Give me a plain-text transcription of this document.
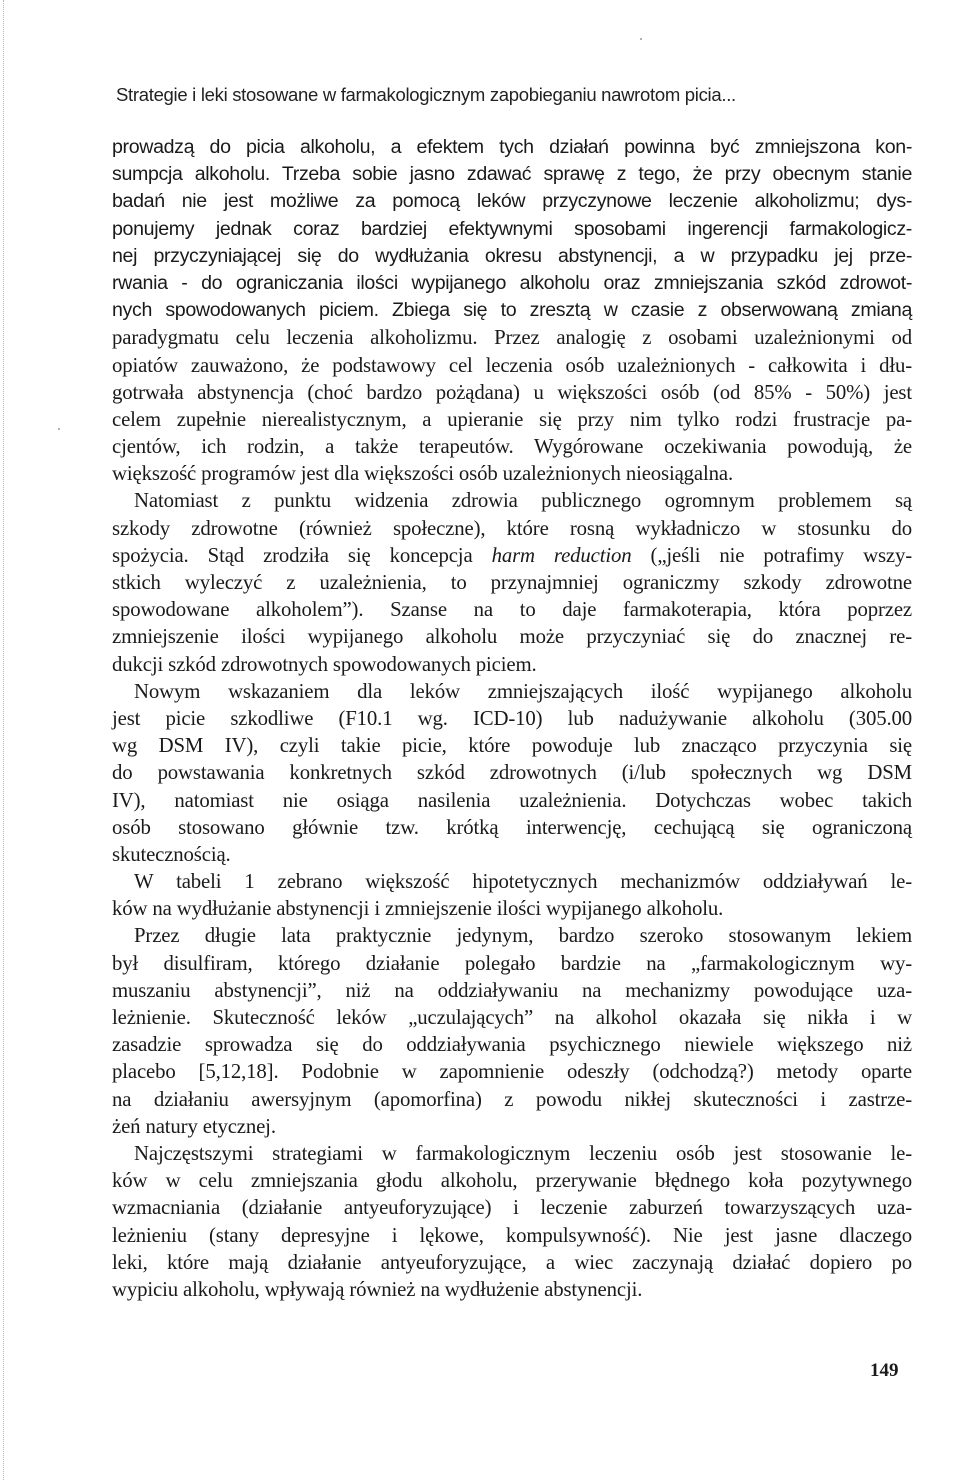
Strategie i leki stosowane w farmakologicznym zapobieganiu nawrotom picia...
prowadzą do picia alkoholu, a efektem tych działań powinna być zmniejszona kon-
sumpcja alkoholu. Trzeba sobie jasno zdawać sprawę z tego, że przy obecnym stanie
badań nie jest możliwe za pomocą leków przyczynowe leczenie alkoholizmu; dys-
ponujemy jednak coraz bardziej efektywnymi sposobami ingerencji farmakologicz-
nej przyczyniającej się do wydłużania okresu abstynencji, a w przypadku jej prze-
rwania - do ograniczania ilości wypijanego alkoholu oraz zmniejszania szkód zdrowot-
nych spowodowanych piciem. Zbiega się to zresztą w czasie z obserwowaną zmianą
paradygmatu celu leczenia alkoholizmu. Przez analogię z osobami uzależnionymi od
opiatów zauważono, że podstawowy cel leczenia osób uzależnionych - całkowita i dłu-
gotrwała abstynencja (choć bardzo pożądana) u większości osób (od 85% - 50%) jest
celem zupełnie nierealistycznym, a upieranie się przy nim tylko rodzi frustracje pa-
cjentów, ich rodzin, a także terapeutów. Wygórowane oczekiwania powodują, że
większość programów jest dla większości osób uzależnionych nieosiągalna.
Natomiast z punktu widzenia zdrowia publicznego ogromnym problemem są
szkody zdrowotne (również społeczne), które rosną wykładniczo w stosunku do
spożycia. Stąd zrodziła się koncepcja harm reduction („jeśli nie potrafimy wszy-
stkich wyleczyć z uzależnienia, to przynajmniej ograniczmy szkody zdrowotne
spowodowane alkoholem”). Szanse na to daje farmakoterapia, która poprzez
zmniejszenie ilości wypijanego alkoholu może przyczyniać się do znacznej re-
dukcji szkód zdrowotnych spowodowanych piciem.
Nowym wskazaniem dla leków zmniejszających ilość wypijanego alkoholu
jest picie szkodliwe (F10.1 wg. ICD-10) lub nadużywanie alkoholu (305.00
wg DSM IV), czyli takie picie, które powoduje lub znacząco przyczynia się
do powstawania konkretnych szkód zdrowotnych (i/lub społecznych wg DSM
IV), natomiast nie osiąga nasilenia uzależnienia. Dotychczas wobec takich
osób stosowano głównie tzw. krótką interwencję, cechującą się ograniczoną
skutecznością.
W tabeli 1 zebrano większość hipotetycznych mechanizmów oddziaływań le-
ków na wydłużanie abstynencji i zmniejszenie ilości wypijanego alkoholu.
Przez długie lata praktycznie jedynym, bardzo szeroko stosowanym lekiem
był disulfiram, którego działanie polegało bardzie na „farmakologicznym wy-
muszaniu abstynencji”, niż na oddziaływaniu na mechanizmy powodujące uza-
leżnienie. Skuteczność leków „uczulających” na alkohol okazała się nikła i w
zasadzie sprowadza się do oddziaływania psychicznego niewiele większego niż
placebo [5,12,18]. Podobnie w zapomnienie odeszły (odchodzą?) metody oparte
na działaniu awersyjnym (apomorfina) z powodu nikłej skuteczności i zastrze-
żeń natury etycznej.
Najczęstszymi strategiami w farmakologicznym leczeniu osób jest stosowanie le-
ków w celu zmniejszania głodu alkoholu, przerywanie błędnego koła pozytywnego
wzmacniania (działanie antyeuforyzujące) i leczenie zaburzeń towarzyszących uza-
leżnieniu (stany depresyjne i lękowe, kompulsywność). Nie jest jasne dlaczego
leki, które mają działanie antyeuforyzujące, a wiec zaczynają działać dopiero po
wypiciu alkoholu, wpływają również na wydłużenie abstynencji.
149
